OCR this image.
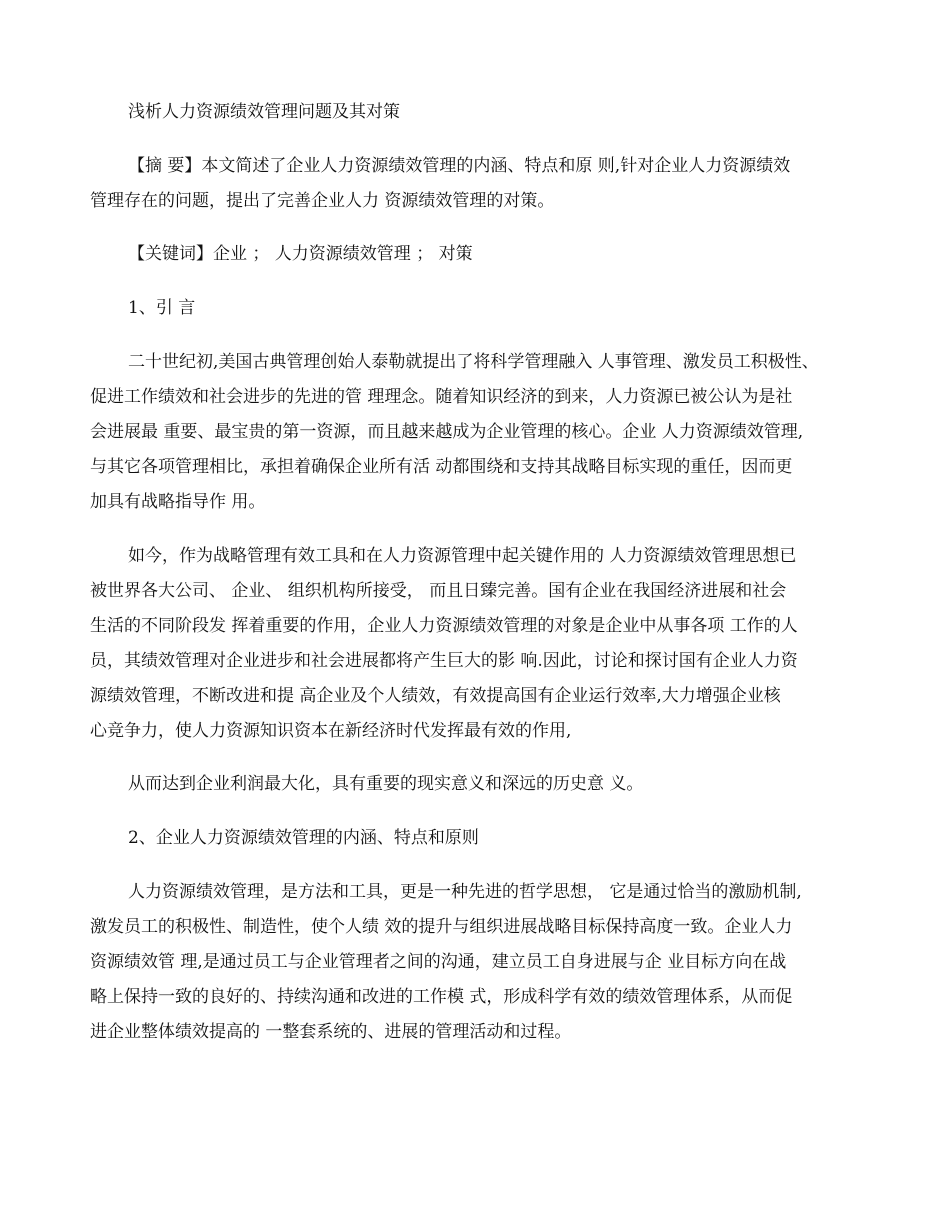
浅析人力资源绩效管理问题及其对策
【摘 要】本文简述了企业人力资源绩效管理的内涵、特点和原 则,针对企业人力资源绩效
管理存在的问题，提出了完善企业人力 资源绩效管理的对策。
【关键词】企业 ； 人力资源绩效管理 ； 对策
1、引 言
二十世纪初,美国古典管理创始人泰勒就提出了将科学管理融入 人事管理、激发员工积极性、
促进工作绩效和社会进步的先进的管 理理念。随着知识经济的到来，人力资源已被公认为是社
会进展最 重要、最宝贵的第一资源，而且越来越成为企业管理的核心。企业 人力资源绩效管理,
与其它各项管理相比，承担着确保企业所有活 动都围绕和支持其战略目标实现的重任，因而更
加具有战略指导作 用。
如今，作为战略管理有效工具和在人力资源管理中起关键作用的 人力资源绩效管理思想已
被世界各大公司、 企业、 组织机构所接受， 而且日臻完善。国有企业在我国经济进展和社会
生活的不同阶段发 挥着重要的作用，企业人力资源绩效管理的对象是企业中从事各项 工作的人
员，其绩效管理对企业进步和社会进展都将产生巨大的影 响.因此，讨论和探讨国有企业人力资
源绩效管理，不断改进和提 高企业及个人绩效，有效提高国有企业运行效率,大力增强企业核
心竞争力，使人力资源知识资本在新经济时代发挥最有效的作用,
从而达到企业利润最大化，具有重要的现实意义和深远的历史意 义。
2、企业人力资源绩效管理的内涵、特点和原则
人力资源绩效管理，是方法和工具，更是一种先进的哲学思想， 它是通过恰当的激励机制,
激发员工的积极性、制造性，使个人绩 效的提升与组织进展战略目标保持高度一致。企业人力
资源绩效管 理,是通过员工与企业管理者之间的沟通，建立员工自身进展与企 业目标方向在战
略上保持一致的良好的、持续沟通和改进的工作模 式，形成科学有效的绩效管理体系，从而促
进企业整体绩效提高的 一整套系统的、进展的管理活动和过程。
